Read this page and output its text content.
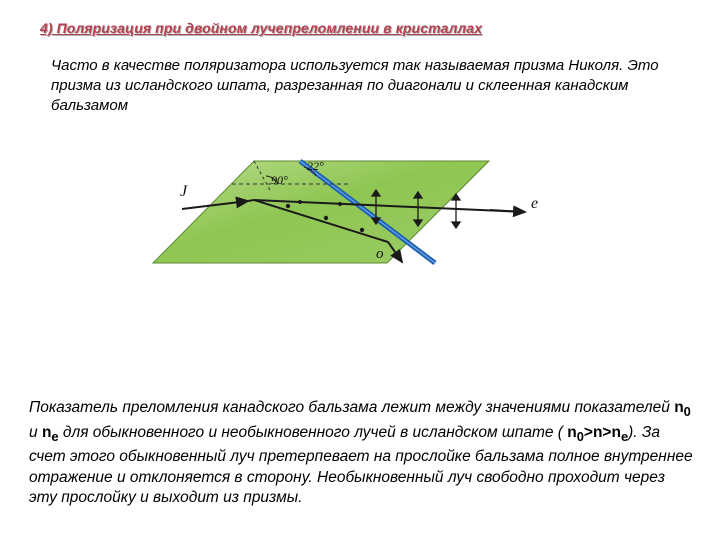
4) Поляризация при двойном лучепреломлении в кристаллах
Часто в качестве поляризатора используется так называемая призма Николя. Это призма из исландского шпата, разрезанная по диагонали и склеенная канадским бальзамом
90°
22°
J
e
o
Показатель преломления канадского бальзама лежит между значениями показателей $n_0$ и $n_e$ для обыкновенного и необыкновенного лучей в исландском шпате ( $n_0>n>n_e$). За счет этого обыкновенный луч претерпевает на прослойке бальзама полное внутреннее отражение и отклоняется в сторону. Необыкновенный луч свободно проходит через эту прослойку и выходит из призмы.
